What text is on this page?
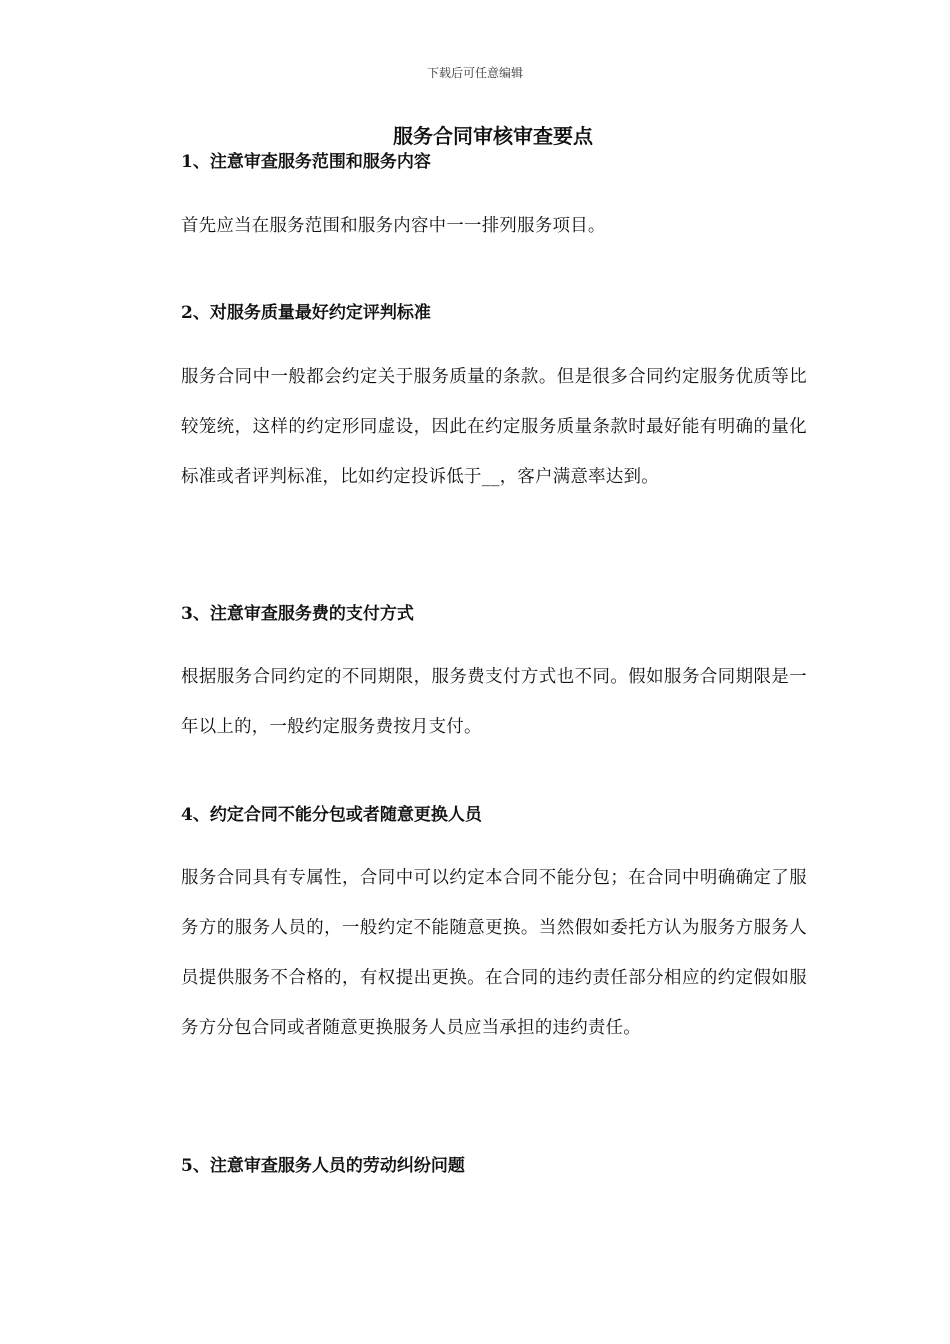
下载后可任意编辑
服务合同审核审查要点
1、注意审查服务范围和服务内容

首先应当在服务范围和服务内容中一一排列服务项目。

2、对服务质量最好约定评判标准

服务合同中一般都会约定关于服务质量的条款。但是很多合同约定服务优质等比较笼统，这样的约定形同虚设，因此在约定服务质量条款时最好能有明确的量化标准或者评判标准，比如约定投诉低于__，客户满意率达到。

3、注意审查服务费的支付方式

根据服务合同约定的不同期限，服务费支付方式也不同。假如服务合同期限是一年以上的，一般约定服务费按月支付。

4、约定合同不能分包或者随意更换人员

服务合同具有专属性，合同中可以约定本合同不能分包；在合同中明确确定了服务方的服务人员的，一般约定不能随意更换。当然假如委托方认为服务方服务人员提供服务不合格的，有权提出更换。在合同的违约责任部分相应的约定假如服务方分包合同或者随意更换服务人员应当承担的违约责任。

5、注意审查服务人员的劳动纠纷问题
